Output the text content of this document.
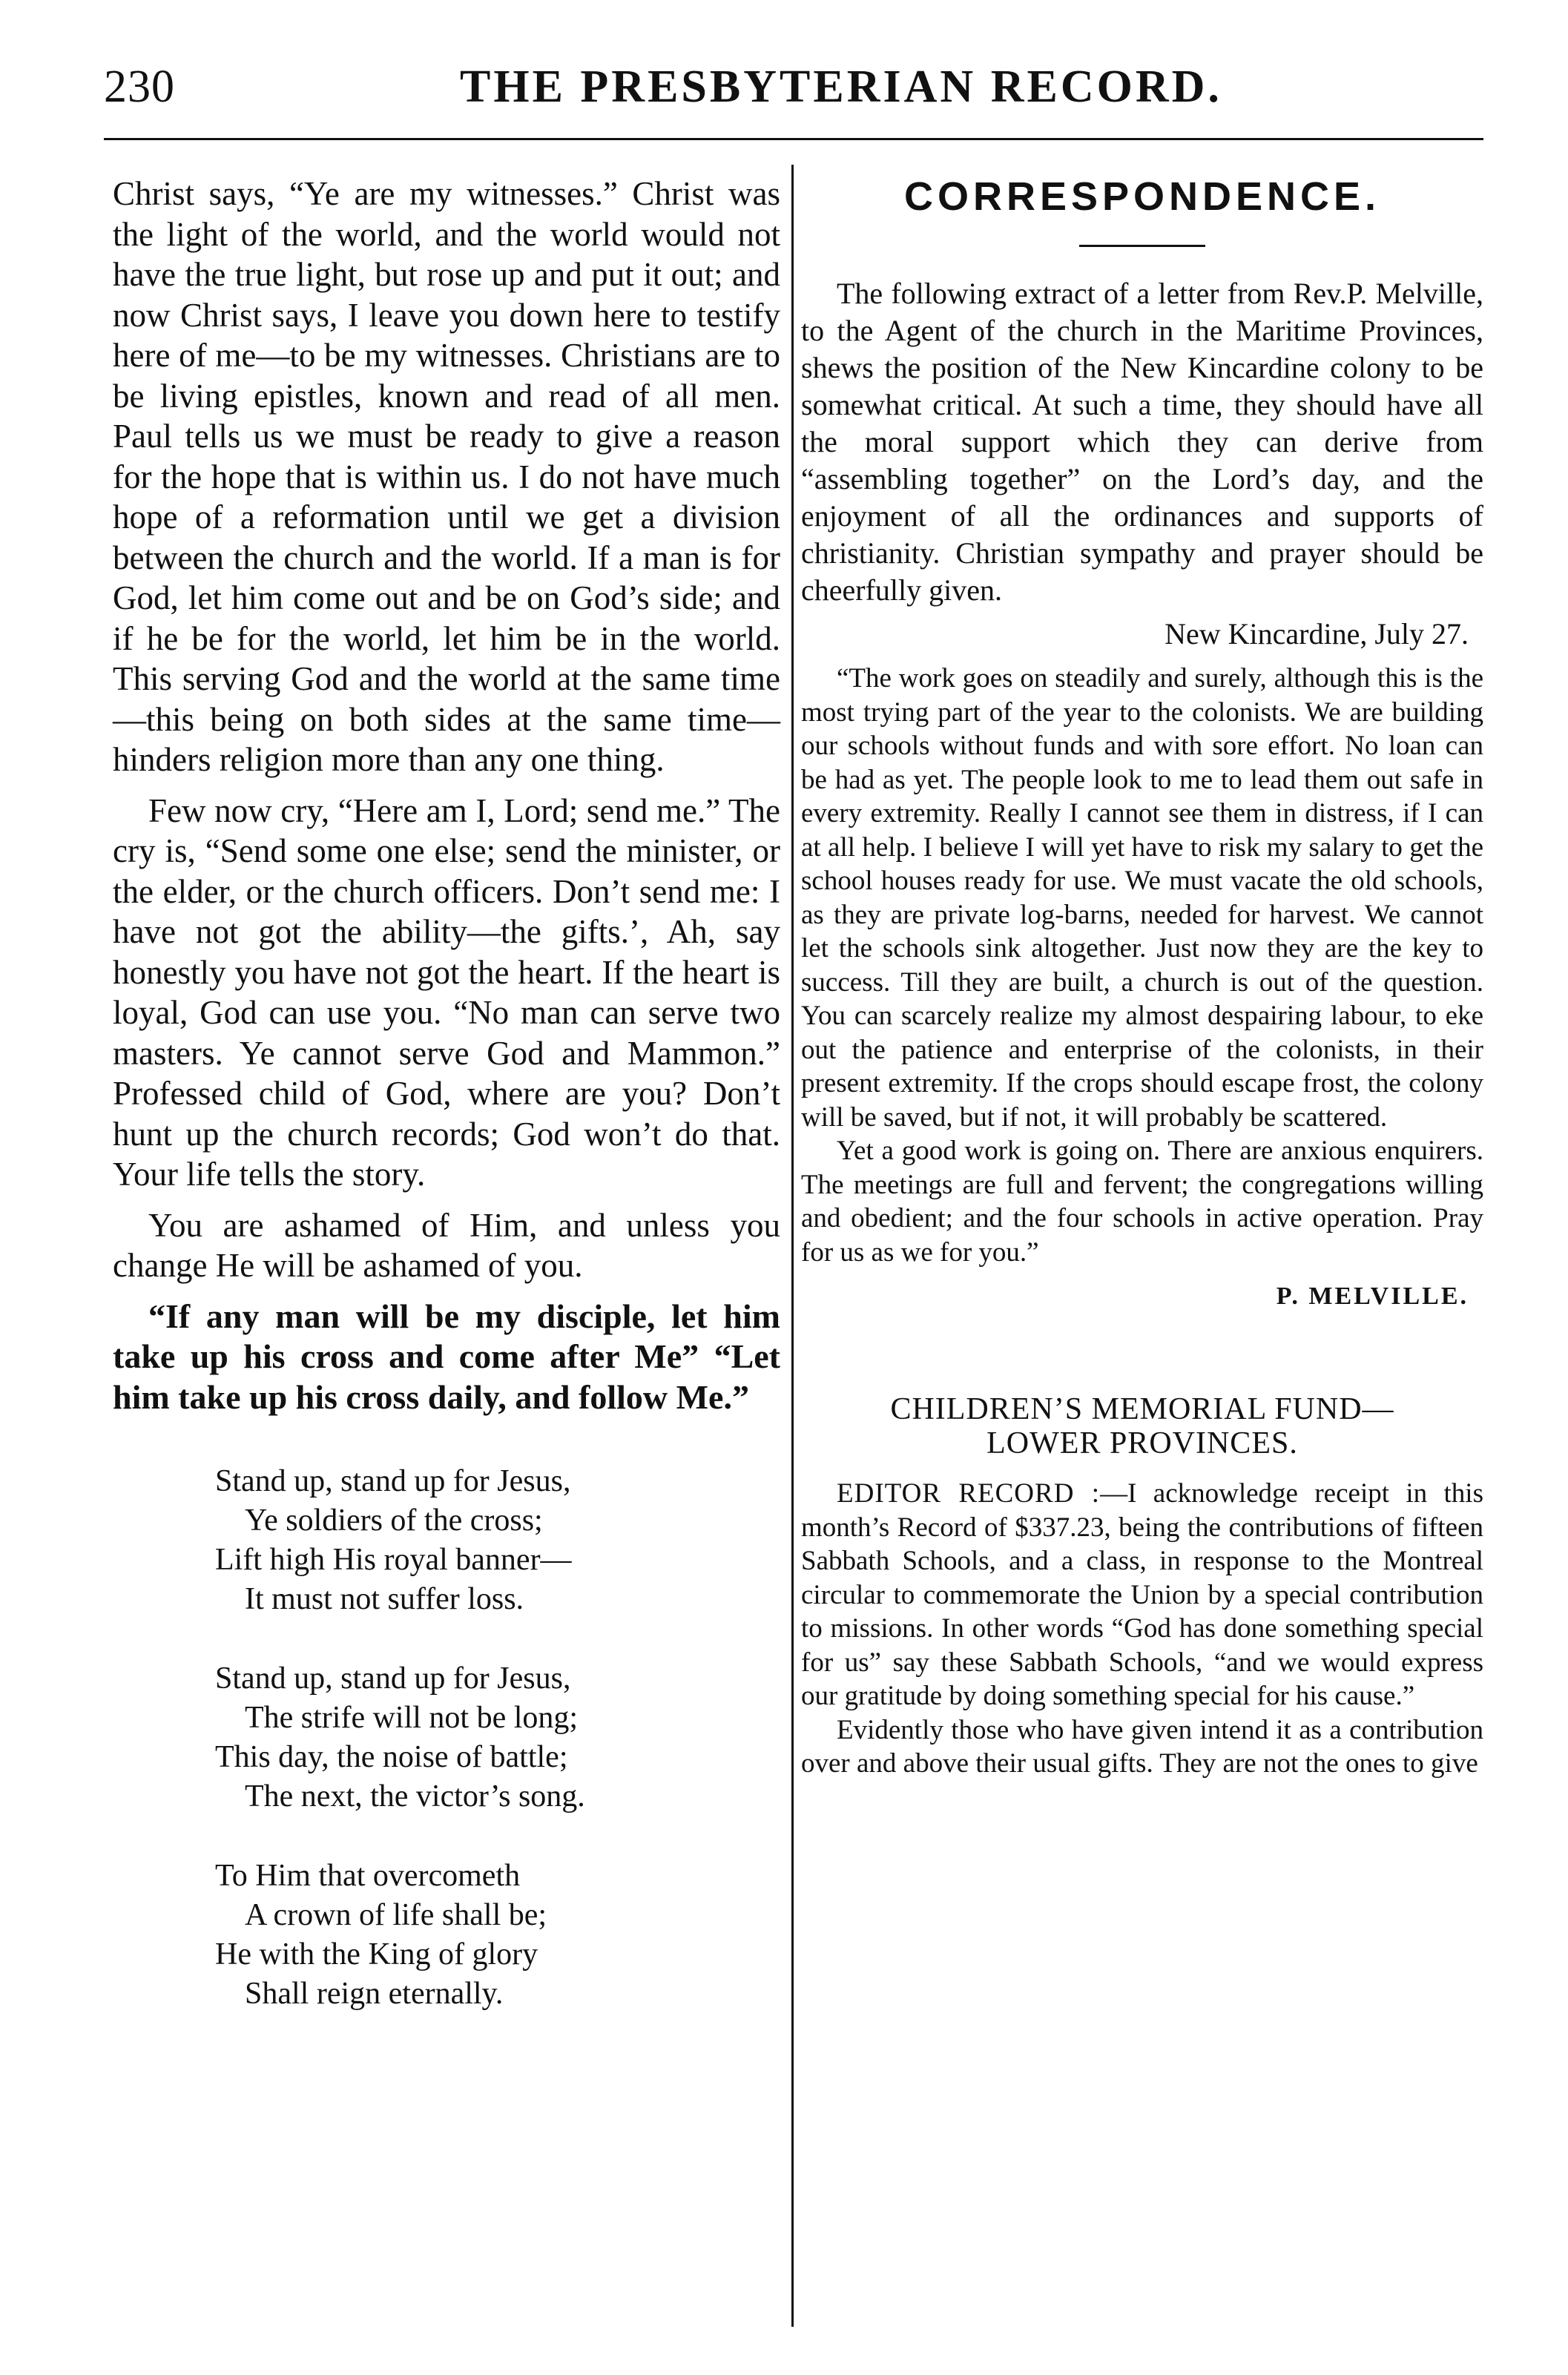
230	THE PRESBYTERIAN RECORD.

Christ says, “Ye are my witnesses.” Christ was the light of the world, and the world would not have the true light, but rose up and put it out; and now Christ says, I leave you down here to testify here of me—to be my witnesses. Christians are to be living epistles, known and read of all men. Paul tells us we must be ready to give a reason for the hope that is within us. I do not have much hope of a reformation until we get a division between the church and the world. If a man is for God, let him come out and be on God’s side; and if he be for the world, let him be in the world. This serving God and the world at the same time—this being on both sides at the same time—hinders religion more than any one thing.

Few now cry, “Here am I, Lord; send me.” The cry is, “Send some one else; send the minister, or the elder, or the church officers. Don’t send me: I have not got the ability—the gifts.’, Ah, say honestly you have not got the heart. If the heart is loyal, God can use you. “No man can serve two masters. Ye cannot serve God and Mammon.” Professed child of God, where are you? Don’t hunt up the church records; God won’t do that. Your life tells the story.

You are ashamed of Him, and unless you change He will be ashamed of you.

“If any man will be my disciple, let him take up his cross and come after Me” “Let him take up his cross daily, and follow Me.”

Stand up, stand up for Jesus,
Ye soldiers of the cross;
Lift high His royal banner—
It must not suffer loss.
Stand up, stand up for Jesus,
The strife will not be long;
This day, the noise of battle;
The next, the victor’s song.
To Him that overcometh
A crown of life shall be;
He with the King of glory
Shall reign eternally.
CORRESPONDENCE.

The following extract of a letter from Rev.P. Melville, to the Agent of the church in the Maritime Provinces, shews the position of the New Kincardine colony to be somewhat critical. At such a time, they should have all the moral support which they can derive from “assembling together” on the Lord’s day, and the enjoyment of all the ordinances and supports of christianity. Christian sympathy and prayer should be cheerfully given.

New Kincardine, July 27.

“The work goes on steadily and surely, although this is the most trying part of the year to the colonists. We are building our schools without funds and with sore effort. No loan can be had as yet. The people look to me to lead them out safe in every extremity. Really I cannot see them in distress, if I can at all help. I believe I will yet have to risk my salary to get the school houses ready for use. We must vacate the old schools, as they are private log-barns, needed for harvest. We cannot let the schools sink altogether. Just now they are the key to success. Till they are built, a church is out of the question. You can scarcely realize my almost despairing labour, to eke out the patience and enterprise of the colonists, in their present extremity. If the crops should escape frost, the colony will be saved, but if not, it will probably be scattered.

Yet a good work is going on. There are anxious enquirers. The meetings are full and fervent; the congregations willing and obedient; and the four schools in active operation. Pray for us as we for you.”

P. MELVILLE.
CHILDREN’S MEMORIAL FUND—
LOWER PROVINCES.

EDITOR RECORD :—I acknowledge receipt in this month’s Record of $337.23, being the contributions of fifteen Sabbath Schools, and a class, in response to the Montreal circular to commemorate the Union by a special contribution to missions. In other words “God has done something special for us” say these Sabbath Schools, “and we would express our gratitude by doing something special for his cause.”

Evidently those who have given intend it as a contribution over and above their usual gifts. They are not the ones to give
